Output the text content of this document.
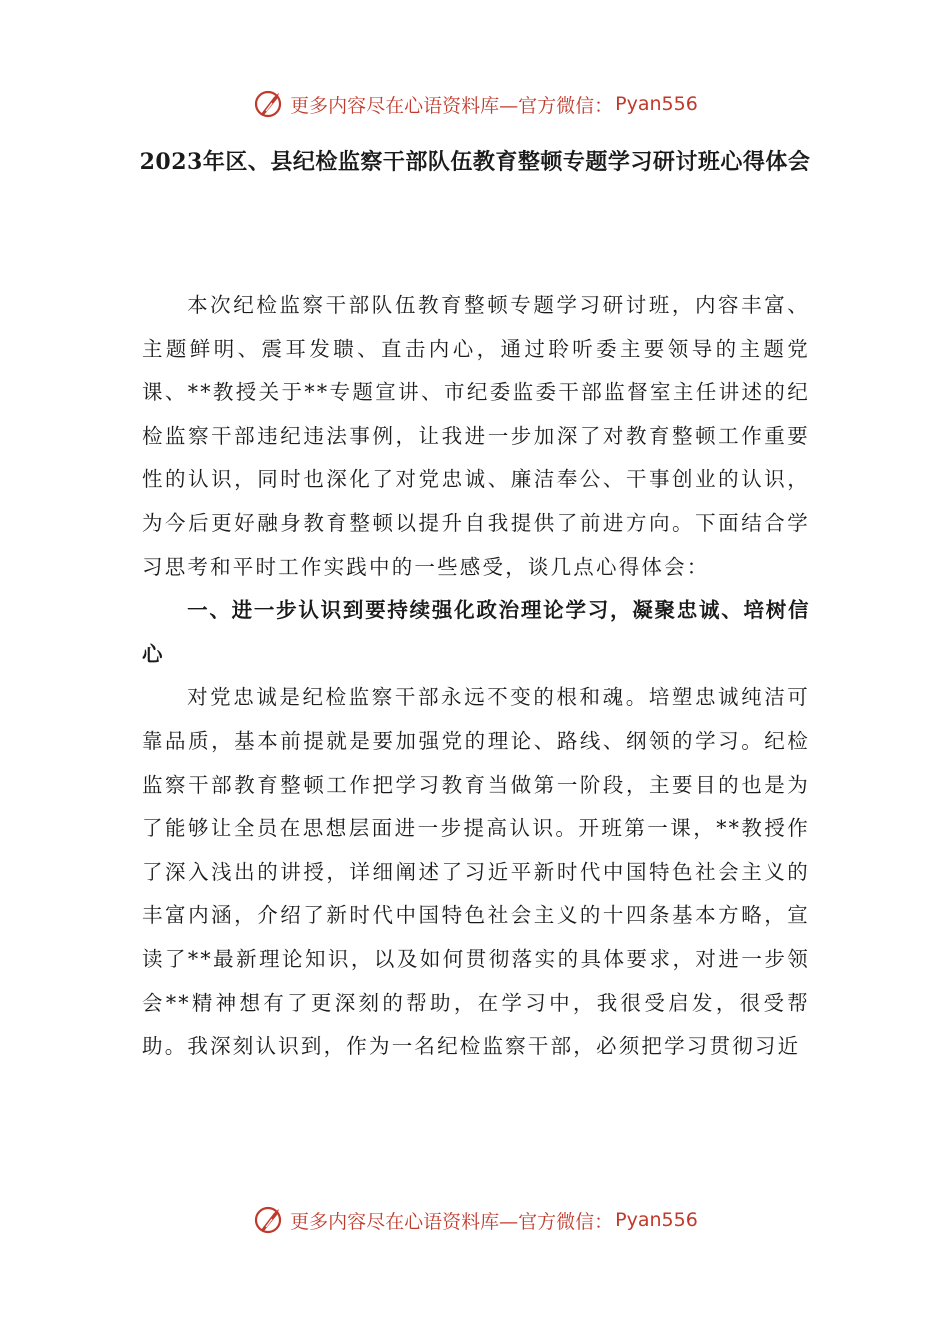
更多内容尽在心语资料库—官方微信： Pyan556
2023年区、县纪检监察干部队伍教育整顿专题学习研讨班心得体会

本次纪检监察干部队伍教育整顿专题学习研讨班，内容丰富、主题鲜明、震耳发聩、直击内心，通过聆听委主要领导的主题党课、**教授关于**专题宣讲、市纪委监委干部监督室主任讲述的纪检监察干部违纪违法事例，让我进一步加深了对教育整顿工作重要性的认识，同时也深化了对党忠诚、廉洁奉公、干事创业的认识，为今后更好融身教育整顿以提升自我提供了前进方向。下面结合学习思考和平时工作实践中的一些感受，谈几点心得体会：

一、进一步认识到要持续强化政治理论学习，凝聚忠诚、培树信心

对党忠诚是纪检监察干部永远不变的根和魂。培塑忠诚纯洁可靠品质，基本前提就是要加强党的理论、路线、纲领的学习。纪检监察干部教育整顿工作把学习教育当做第一阶段，主要目的也是为了能够让全员在思想层面进一步提高认识。开班第一课，**教授作了深入浅出的讲授，详细阐述了习近平新时代中国特色社会主义的丰富内涵，介绍了新时代中国特色社会主义的十四条基本方略，宣读了**最新理论知识，以及如何贯彻落实的具体要求，对进一步领会**精神想有了更深刻的帮助，在学习中，我很受启发，很受帮助。我深刻认识到，作为一名纪检监察干部，必须把学习贯彻习近

更多内容尽在心语资料库—官方微信： Pyan556
